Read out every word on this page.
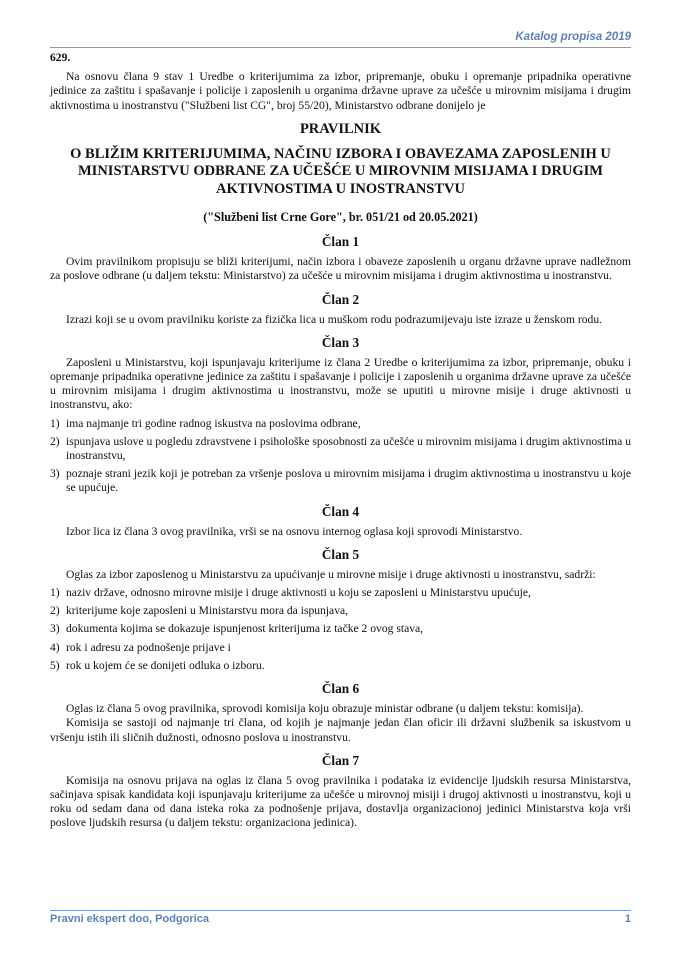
Katalog propisa 2019

629.

Na osnovu člana 9 stav 1 Uredbe o kriterijumima za izbor, pripremanje, obuku i opremanje pripadnika operativne jedinice za zaštitu i spašavanje i policije i zaposlenih u organima državne uprave za učešće u mirovnim misijama i drugim aktivnostima u inostranstvu ("Službeni list CG", broj 55/20), Ministarstvo odbrane donijelo je

PRAVILNIK
O BLIŽIM KRITERIJUMIMA, NAČINU IZBORA I OBAVEZAMA ZAPOSLENIH U MINISTARSTVU ODBRANE ZA UČEŠĆE U MIROVNIM MISIJAMA I DRUGIM AKTIVNOSTIMA U INOSTRANSTVU
("Službeni list Crne Gore", br. 051/21 od 20.05.2021)
Član 1

Ovim pravilnikom propisuju se bliži kriterijumi, način izbora i obaveze zaposlenih u organu državne uprave nadležnom za poslove odbrane (u daljem tekstu: Ministarstvo) za učešće u mirovnim misijama i drugim aktivnostima u inostranstvu.

Član 2

Izrazi koji se u ovom pravilniku koriste za fizička lica u muškom rodu podrazumijevaju iste izraze u ženskom rodu.

Član 3

Zaposleni u Ministarstvu, koji ispunjavaju kriterijume iz člana 2 Uredbe o kriterijumima za izbor, pripremanje, obuku i opremanje pripadnika operativne jedinice za zaštitu i spašavanje i policije i zaposlenih u organima državne uprave za učešće u mirovnim misijama i drugim aktivnostima u inostranstvu, može se uputiti u mirovne misije i druge aktivnosti u inostranstvu, ako:

1) ima najmanje tri godine radnog iskustva na poslovima odbrane,
2) ispunjava uslove u pogledu zdravstvene i psihološke sposobnosti za učešće u mirovnim misijama i drugim aktivnostima u inostranstvu,
3) poznaje strani jezik koji je potreban za vršenje poslova u mirovnim misijama i drugim aktivnostima u inostranstvu u koje se upućuje.
Član 4

Izbor lica iz člana 3 ovog pravilnika, vrši se na osnovu internog oglasa koji sprovodi Ministarstvo.

Član 5

Oglas za izbor zaposlenog u Ministarstvu za upućivanje u mirovne misije i druge aktivnosti u inostranstvu, sadrži:

1) naziv države, odnosno mirovne misije i druge aktivnosti u koju se zaposleni u Ministarstvu upućuje,
2) kriterijume koje zaposleni u Ministarstvu mora da ispunjava,
3) dokumenta kojima se dokazuje ispunjenost kriterijuma iz tačke 2 ovog stava,
4) rok i adresu za podnošenje prijave i
5) rok u kojem će se donijeti odluka o izboru.
Član 6

Oglas iz člana 5 ovog pravilnika, sprovodi komisija koju obrazuje ministar odbrane (u daljem tekstu: komisija).

Komisija se sastoji od najmanje tri člana, od kojih je najmanje jedan član oficir ili državni službenik sa iskustvom u vršenju istih ili sličnih dužnosti, odnosno poslova u inostranstvu.

Član 7

Komisija na osnovu prijava na oglas iz člana 5 ovog pravilnika i podataka iz evidencije ljudskih resursa Ministarstva, sačinjava spisak kandidata koji ispunjavaju kriterijume za učešće u mirovnoj misiji i drugoj aktivnosti u inostranstvu, koji u roku od sedam dana od dana isteka roka za podnošenje prijava, dostavlja organizacionoj jedinici Ministarstva koja vrši poslove ljudskih resursa (u daljem tekstu: organizaciona jedinica).

Pravni ekspert doo, Podgorica	1
